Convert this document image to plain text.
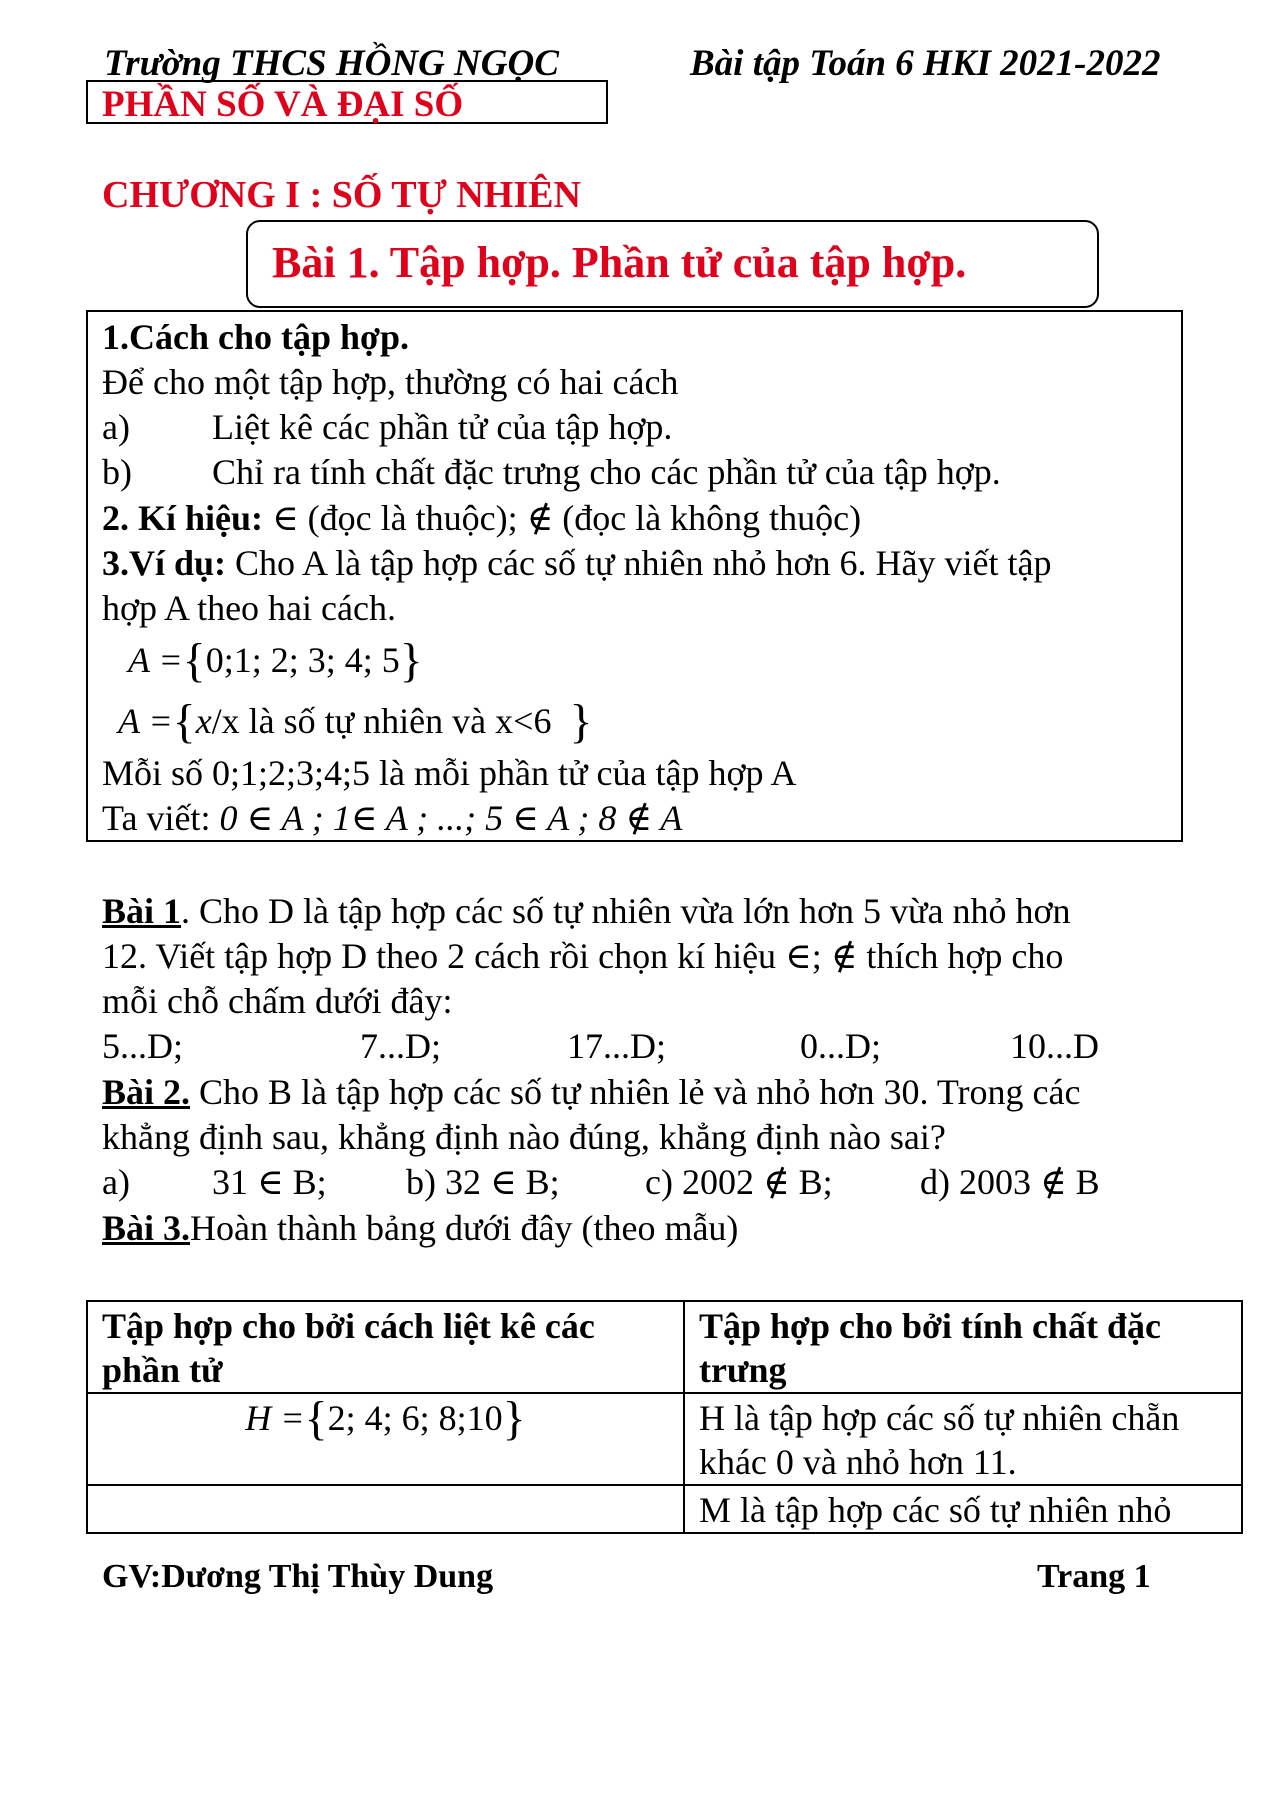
Trường THCS HỒNG NGỌC	Bài tập Toán 6 HKI 2021-2022
PHẦN SỐ VÀ ĐẠI SỐ
CHƯƠNG I : SỐ TỰ NHIÊN
Bài 1. Tập hợp. Phần tử của tập hợp.
1.Cách cho tập hợp.
Để cho một tập hợp, thường có hai cách
a) Liệt kê các phần tử của tập hợp.
b) Chỉ ra tính chất đặc trưng cho các phần tử của tập hợp.
2. Kí hiệu: ∈ (đọc là thuộc); ∉ (đọc là không thuộc)
3.Ví dụ: Cho A là tập hợp các số tự nhiên nhỏ hơn 6. Hãy viết tập
hợp A theo hai cách.
A ={0;1; 2; 3; 4; 5}
A ={x/x là số tự nhiên và x<6 }
Mỗi số 0;1;2;3;4;5 là mỗi phần tử của tập hợp A
Ta viết: 0 ∈ A ; 1∈ A ; ...; 5 ∈ A ; 8 ∉ A
Bài 1. Cho D là tập hợp các số tự nhiên vừa lớn hơn 5 vừa nhỏ hơn
12. Viết tập hợp D theo 2 cách rồi chọn kí hiệu ∈; ∉ thích hợp cho
mỗi chỗ chấm dưới đây:
5...D;	7...D;	17...D;	0...D;	10...D
Bài 2. Cho B là tập hợp các số tự nhiên lẻ và nhỏ hơn 30. Trong các
khẳng định sau, khẳng định nào đúng, khẳng định nào sai?
a) 31 ∈ B; b) 32 ∈ B; c) 2002 ∉ B; d) 2003 ∉ B
Bài 3.Hoàn thành bảng dưới đây (theo mẫu)
Tập hợp cho bởi cách liệt kê các phần tử	Tập hợp cho bởi tính chất đặc trưng
H ={2; 4; 6; 8;10}	H là tập hợp các số tự nhiên chẵn khác 0 và nhỏ hơn 11.
	M là tập hợp các số tự nhiên nhỏ
GV:Dương Thị Thùy Dung	Trang 1
